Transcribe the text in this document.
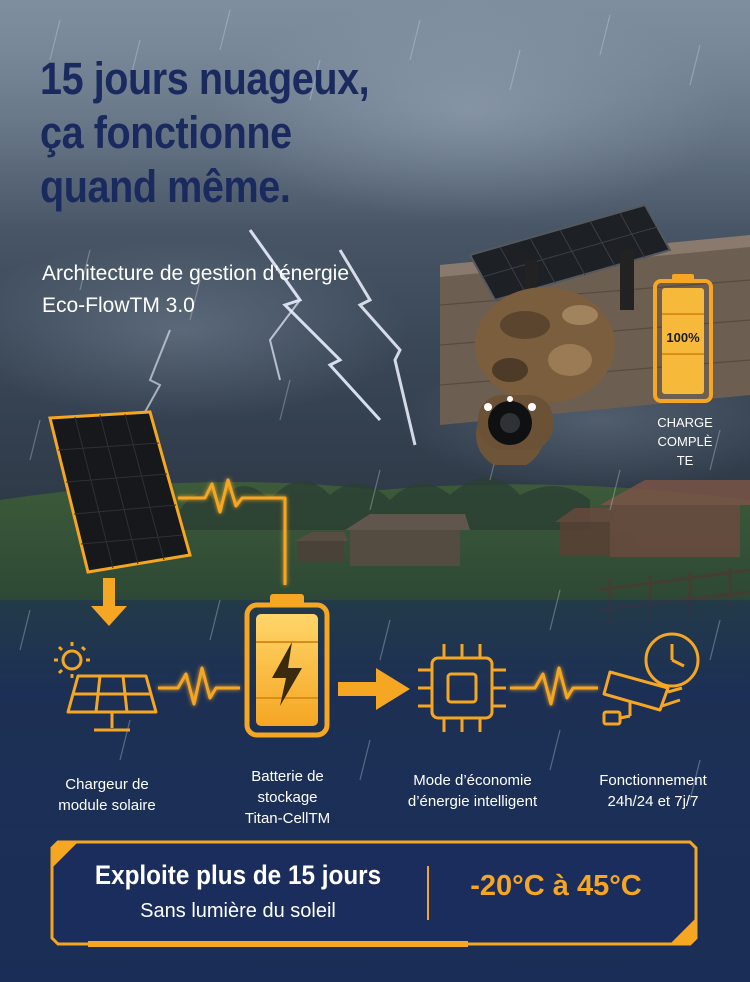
15 jours nuageux,
ça fonctionne
quand même.
Architecture de gestion d’énergie
Eco-FlowTM 3.0
100%
CHARGE
COMPLÈ
TE
Chargeur de
module solaire
Batterie de
stockage
Titan-CellTM
Mode d’économie
d’énergie intelligent
Fonctionnement
24h/24 et 7j/7
Exploite plus de 15 jours
Sans lumière du soleil
-20°C à 45°C
